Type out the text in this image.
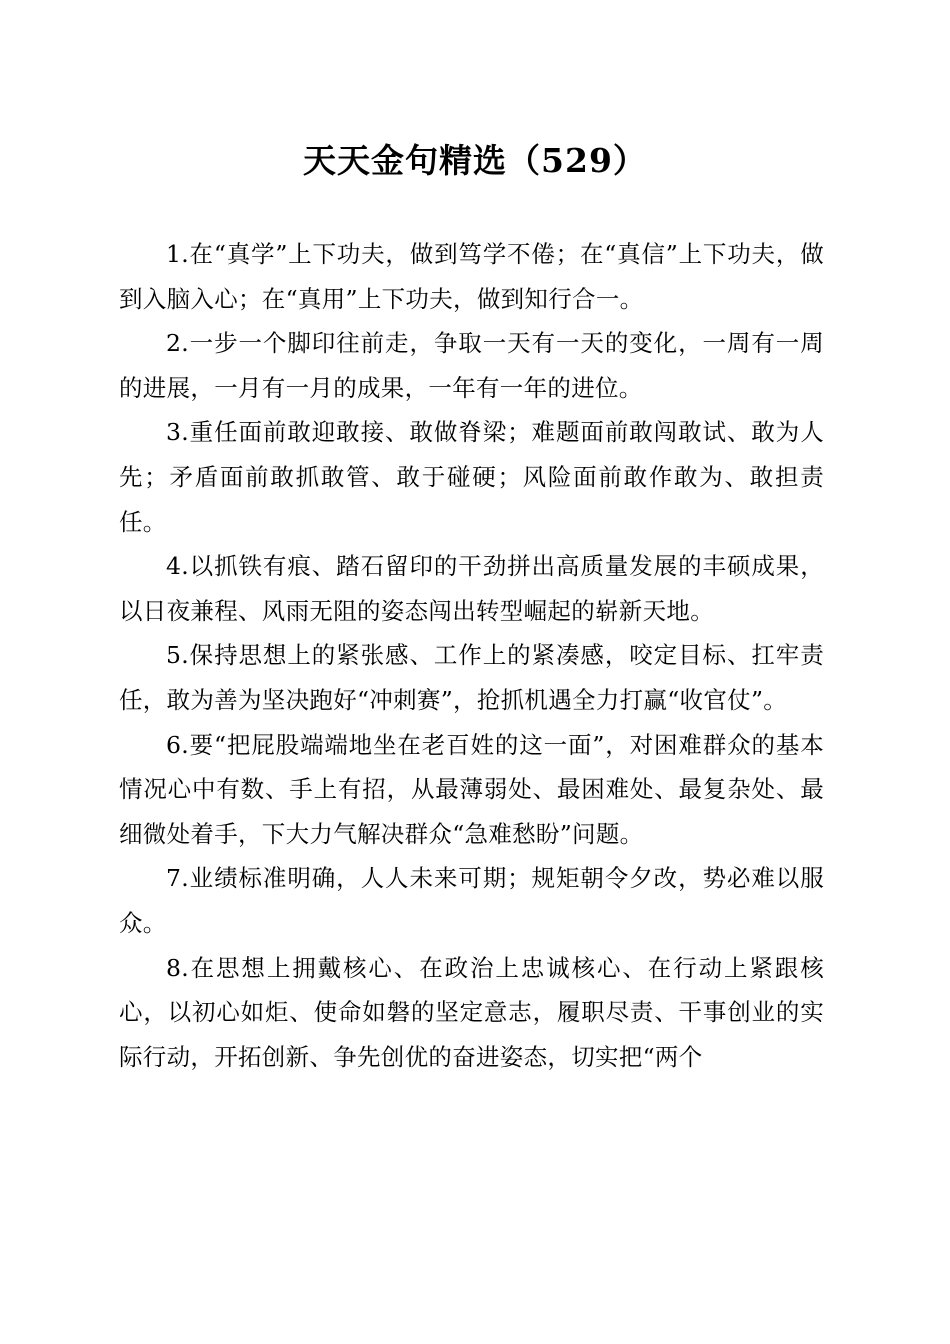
天天金句精选（529）

1.在“真学”上下功夫，做到笃学不倦；在“真信”上下功夫，做到入脑入心；在“真用”上下功夫，做到知行合一。

2.一步一个脚印往前走，争取一天有一天的变化，一周有一周的进展，一月有一月的成果，一年有一年的进位。

3.重任面前敢迎敢接、敢做脊梁；难题面前敢闯敢试、敢为人先；矛盾面前敢抓敢管、敢于碰硬；风险面前敢作敢为、敢担责任。

4.以抓铁有痕、踏石留印的干劲拼出高质量发展的丰硕成果，以日夜兼程、风雨无阻的姿态闯出转型崛起的崭新天地。

5.保持思想上的紧张感、工作上的紧凑感，咬定目标、扛牢责任，敢为善为坚决跑好“冲刺赛”，抢抓机遇全力打赢“收官仗”。

6.要“把屁股端端地坐在老百姓的这一面”，对困难群众的基本情况心中有数、手上有招，从最薄弱处、最困难处、最复杂处、最细微处着手，下大力气解决群众“急难愁盼”问题。

7.业绩标准明确，人人未来可期；规矩朝令夕改，势必难以服众。

8.在思想上拥戴核心、在政治上忠诚核心、在行动上紧跟核心，以初心如炬、使命如磐的坚定意志，履职尽责、干事创业的实际行动，开拓创新、争先创优的奋进姿态，切实把“两个
